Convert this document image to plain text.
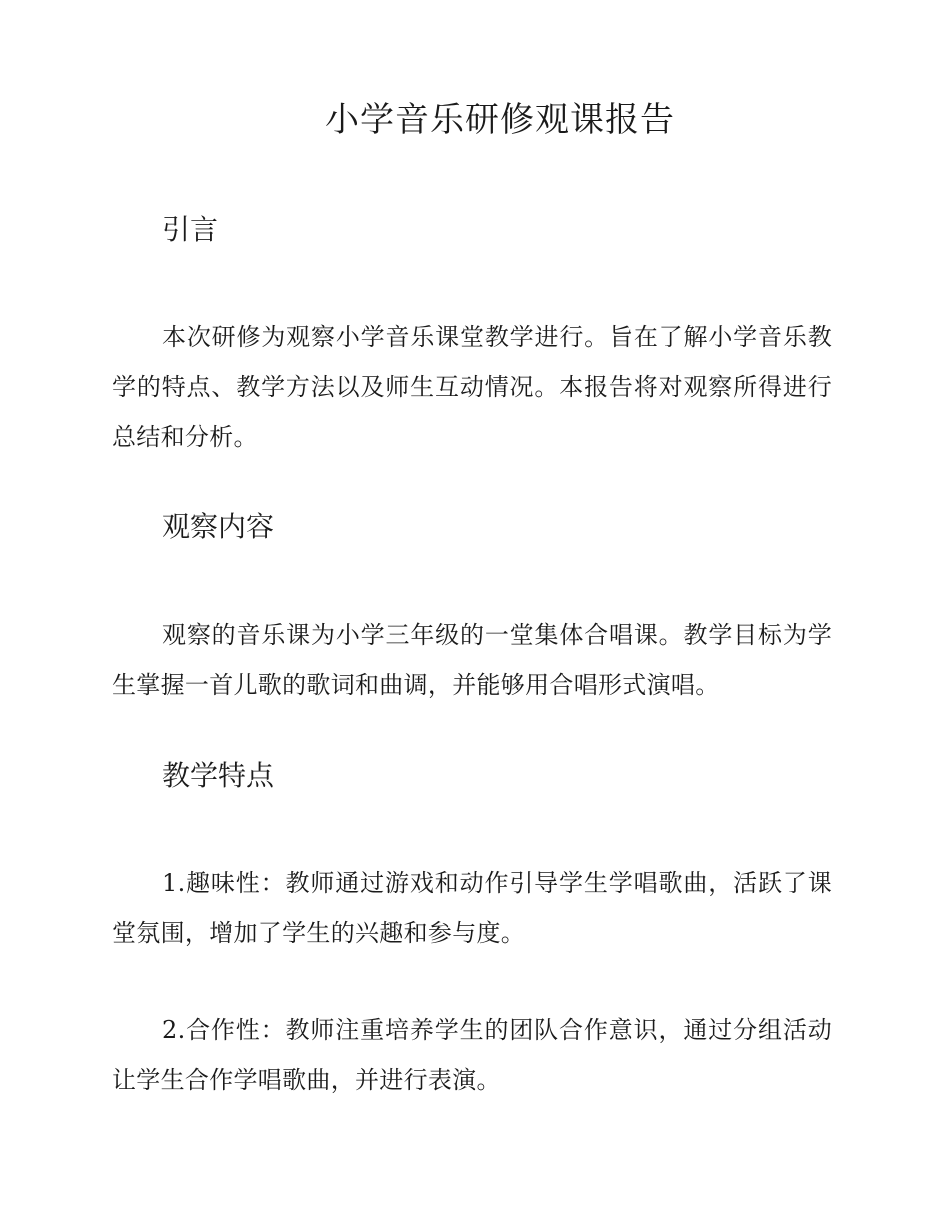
小学音乐研修观课报告
引言

本次研修为观察小学音乐课堂教学进行。旨在了解小学音乐教学的特点、教学方法以及师生互动情况。本报告将对观察所得进行总结和分析。

观察内容

观察的音乐课为小学三年级的一堂集体合唱课。教学目标为学生掌握一首儿歌的歌词和曲调，并能够用合唱形式演唱。

教学特点

1.趣味性：教师通过游戏和动作引导学生学唱歌曲，活跃了课堂氛围，增加了学生的兴趣和参与度。

2.合作性：教师注重培养学生的团队合作意识，通过分组活动让学生合作学唱歌曲，并进行表演。
